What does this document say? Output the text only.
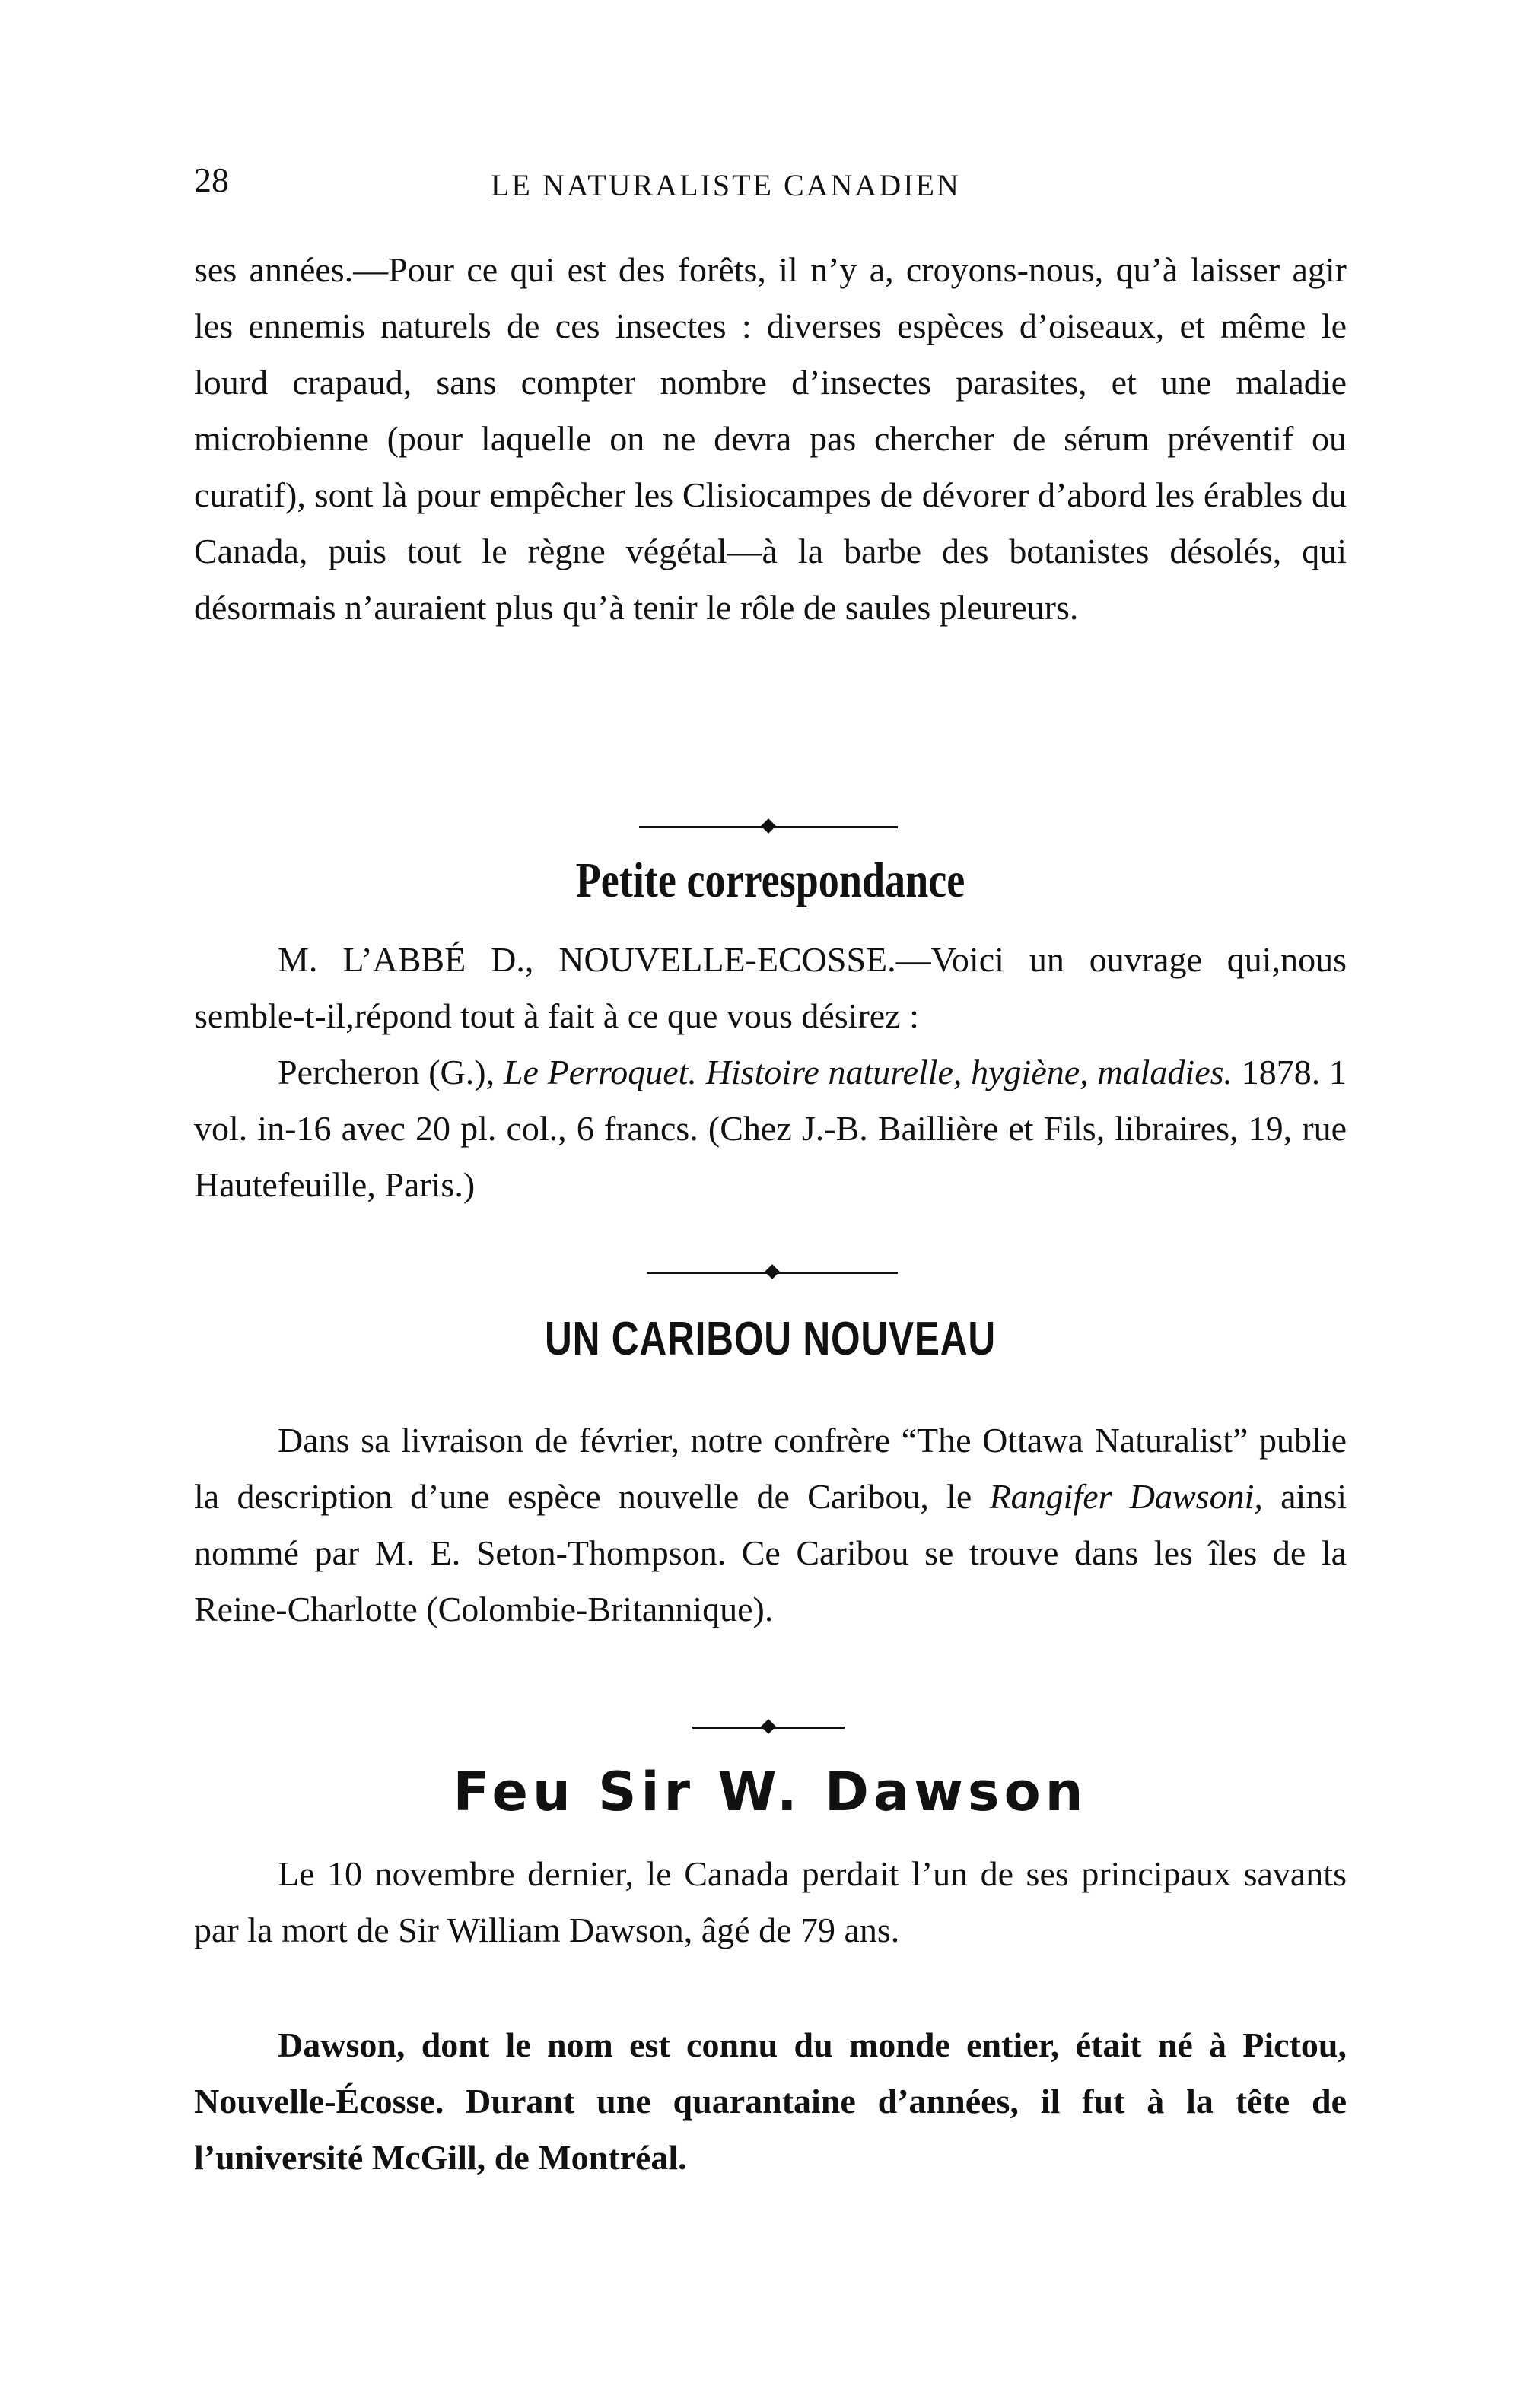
28	LE NATURALISTE CANADIEN

ses années.—Pour ce qui est des forêts, il n’y a, croyons-nous, qu’à laisser agir les ennemis naturels de ces insectes : diverses espèces d’oiseaux, et même le lourd crapaud, sans compter nombre d’insectes parasites, et une maladie microbienne (pour laquelle on ne devra pas chercher de sérum préventif ou curatif), sont là pour empêcher les Clisiocampes de dévorer d’abord les érables du Canada, puis tout le règne végétal—à la barbe des botanistes désolés, qui désormais n’auraient plus qu’à tenir le rôle de saules pleureurs.

Petite correspondance

M. L’ABBÉ D., NOUVELLE-ECOSSE.—Voici un ouvrage qui,nous semble-t-il,répond tout à fait à ce que vous désirez :

Percheron (G.), Le Perroquet. Histoire naturelle, hygiène, maladies. 1878. 1 vol. in-16 avec 20 pl. col., 6 francs. (Chez J.-B. Baillière et Fils, libraires, 19, rue Hautefeuille, Paris.)

UN CARIBOU NOUVEAU

Dans sa livraison de février, notre confrère “The Ottawa Naturalist” publie la description d’une espèce nouvelle de Caribou, le Rangifer Dawsoni, ainsi nommé par M. E. Seton-Thompson. Ce Caribou se trouve dans les îles de la Reine-Charlotte (Colombie-Britannique).

Feu Sir W. Dawson

Le 10 novembre dernier, le Canada perdait l’un de ses principaux savants par la mort de Sir William Dawson, âgé de 79 ans.

Dawson, dont le nom est connu du monde entier, était né à Pictou, Nouvelle-Écosse. Durant une quarantaine d’années, il fut à la tête de l’université McGill, de Montréal.
